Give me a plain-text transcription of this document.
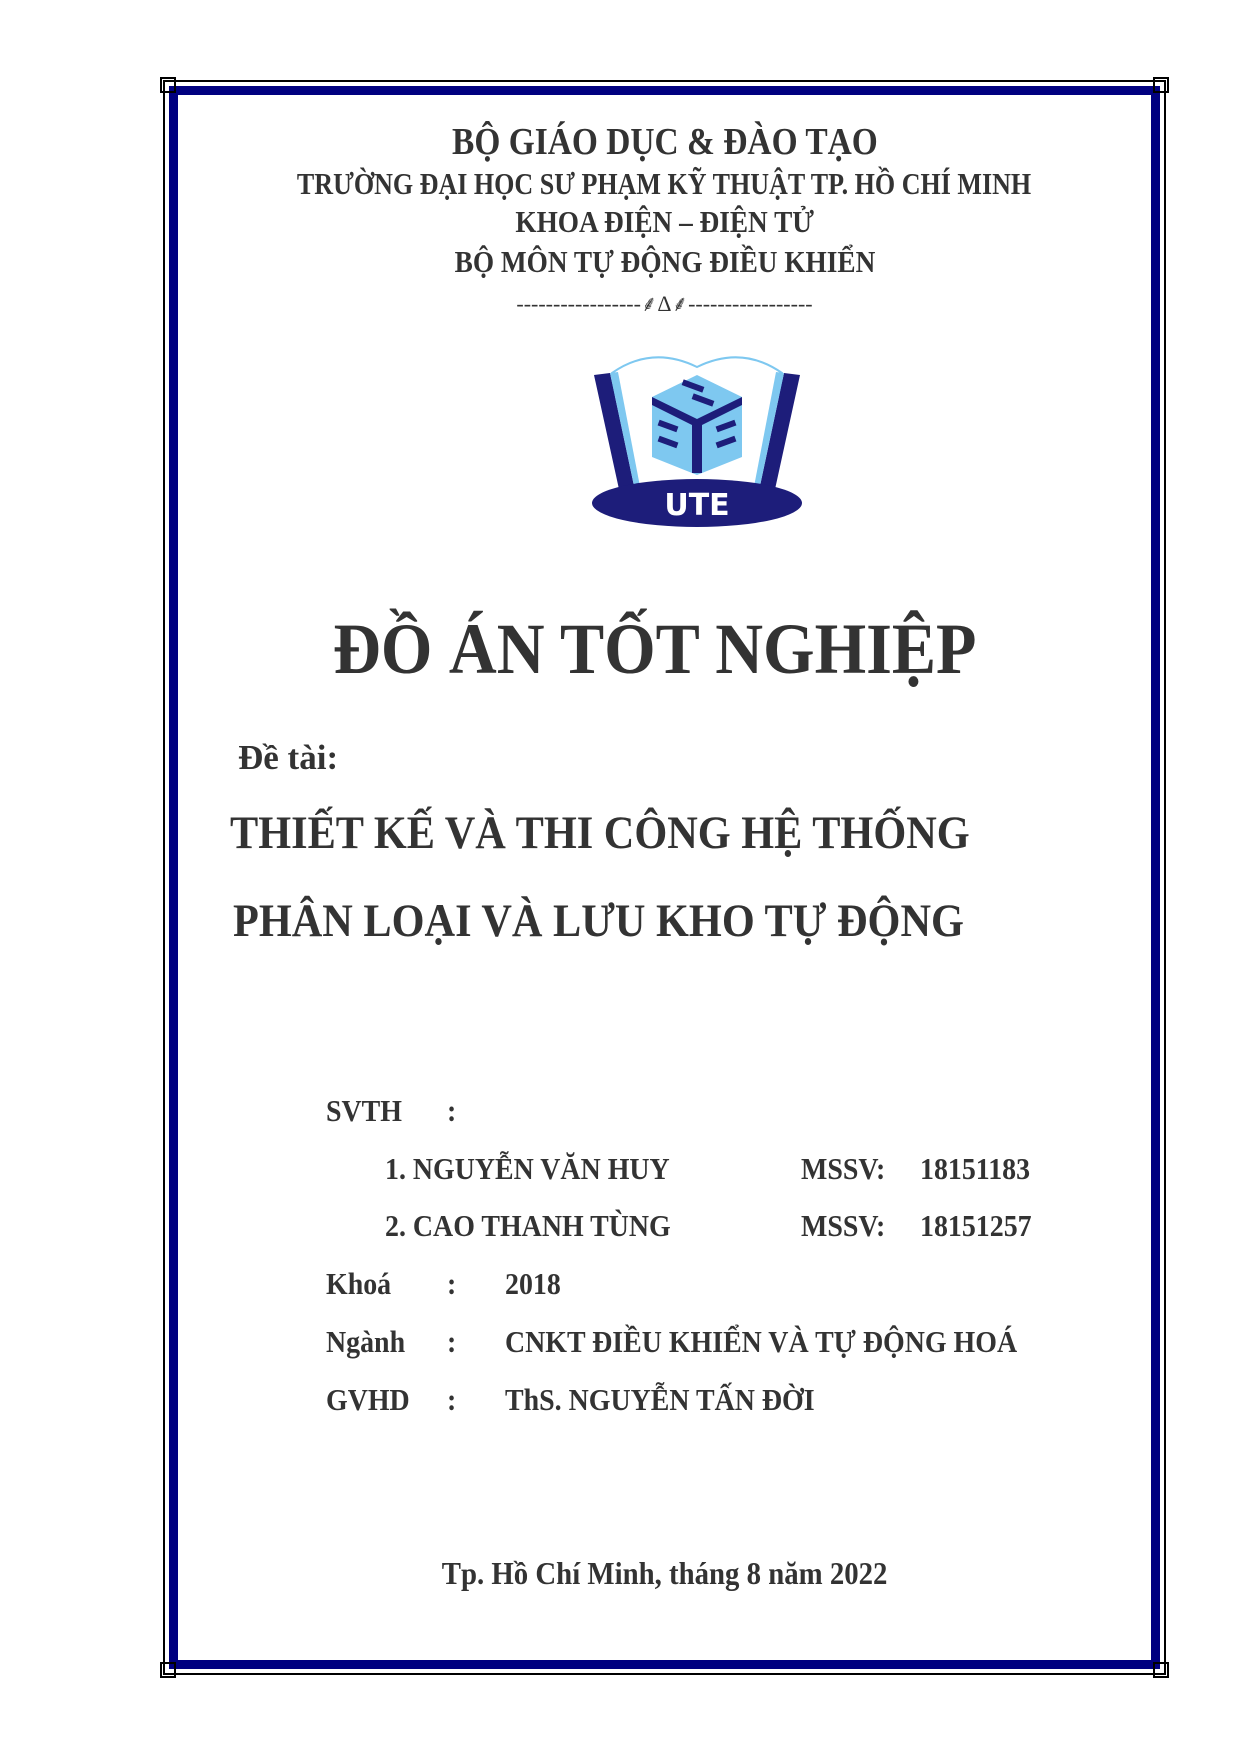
BỘ GIÁO DỤC & ĐÀO TẠO
TRƯỜNG ĐẠI HỌC SƯ PHẠM KỸ THUẬT TP. HỒ CHÍ MINH
KHOA ĐIỆN – ĐIỆN TỬ
BỘ MÔN TỰ ĐỘNG ĐIỀU KHIỂN
-----------------⸙Δ⸙-----------------
UTE
ĐỒ ÁN TỐT NGHIỆP
Đề tài:
THIẾT KẾ VÀ THI CÔNG HỆ THỐNG
PHÂN LOẠI VÀ LƯU KHO TỰ ĐỘNG
SVTH :
1. NGUYỄN VĂN HUY	MSSV:	18151183
2. CAO THANH TÙNG	MSSV:	18151257
Khoá : 2018
Ngành : CNKT ĐIỀU KHIỂN VÀ TỰ ĐỘNG HOÁ
GVHD : ThS. NGUYỄN TẤN ĐỜI
Tp. Hồ Chí Minh, tháng 8 năm 2022
